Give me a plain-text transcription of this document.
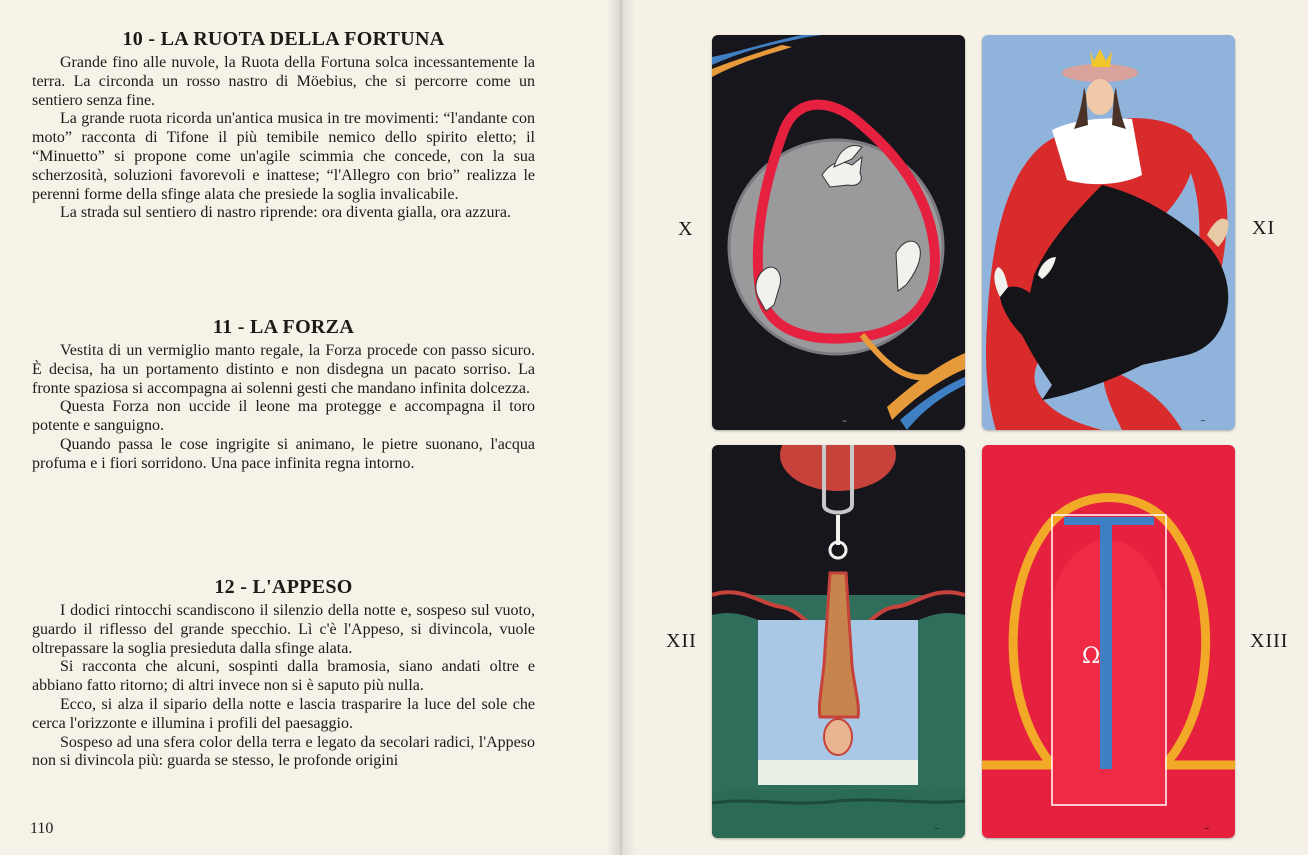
10 - LA RUOTA DELLA FORTUNA

Grande fino alle nuvole, la Ruota della Fortuna solca incessantemente la terra. La circonda un rosso nastro di Möebius, che si percorre come un sentiero senza fine.

La grande ruota ricorda un'antica musica in tre movimenti: “l'andante con moto” racconta di Tifone il più temibile nemico dello spirito eletto; il “Minuetto” si propone come un'agile scimmia che concede, con la sua scherzosità, soluzioni favorevoli e inattese; “l'Allegro con brio” realizza le perenni forme della sfinge alata che presiede la soglia invalicabile.

La strada sul sentiero di nastro riprende: ora diventa gialla, ora azzura.

11 - LA FORZA

Vestita di un vermiglio manto regale, la Forza procede con passo sicuro. È decisa, ha un portamento distinto e non disdegna un pacato sorriso. La fronte spaziosa si accompagna ai solenni gesti che mandano infinita dolcezza.

Questa Forza non uccide il leone ma protegge e accompagna il toro potente e sanguigno.

Quando passa le cose ingrigite si animano, le pietre suonano, l'acqua profuma e i fiori sorridono. Una pace infinita regna intorno.

12 - L'APPESO

I dodici rintocchi scandiscono il silenzio della notte e, sospeso sul vuoto, guardo il riflesso del grande specchio. Lì c'è l'Appeso, si divincola, vuole oltrepassare la soglia presieduta dalla sfinge alata.

Si racconta che alcuni, sospinti dalla bramosia, siano andati oltre e abbiano fatto ritorno; di altri invece non si è saputo più nulla.

Ecco, si alza il sipario della notte e lascia trasparire la luce del sole che cerca l'orizzonte e illumina i profili del paesaggio.

Sospeso ad una sfera color della terra e legato da secolari radici, l'Appeso non si divincola più: guarda se stesso, le profonde origini

110
X	XI
XII	XIII
~	~
~
Ω
~
